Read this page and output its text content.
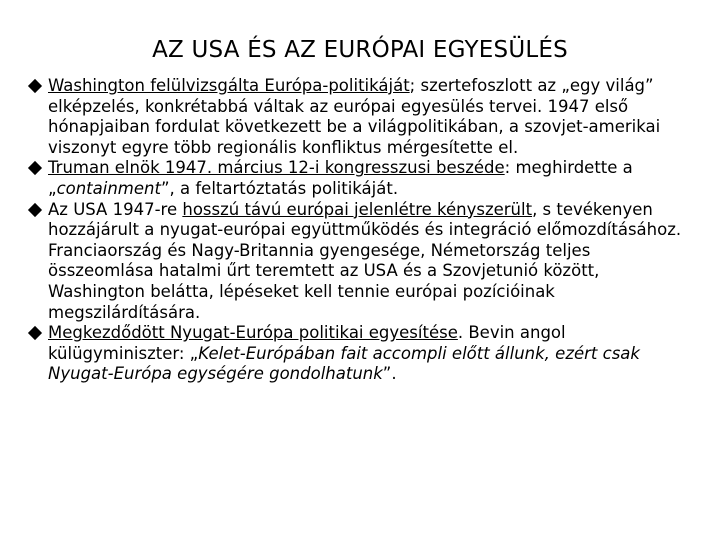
AZ USA ÉS AZ EURÓPAI EGYESÜLÉS
Washington felülvizsgálta Európa-politikáját; szertefoszlott az „egy világ” elképzelés, konkrétabbá váltak az európai egyesülés tervei. 1947 első hónapjaiban fordulat következett be a világpolitikában, a szovjet-amerikai viszonyt egyre több regionális konfliktus mérgesítette el.
Truman elnök 1947. március 12-i kongresszusi beszéde: meghirdette a „containment”, a feltartóztatás politikáját.
Az USA 1947-re hosszú távú európai jelenlétre kényszerült, s tevékenyen hozzájárult a nyugat-európai együttműködés és integráció előmozdításához. Franciaország és Nagy-Britannia gyengesége, Németország teljes összeomlása hatalmi űrt teremtett az USA és a Szovjetunió között, Washington belátta, lépéseket kell tennie európai pozícióinak megszilárdítására.
Megkezdődött Nyugat-Európa politikai egyesítése. Bevin angol külügyminiszter: „Kelet-Európában fait accompli előtt állunk, ezért csak Nyugat-Európa egységére gondolhatunk”.
